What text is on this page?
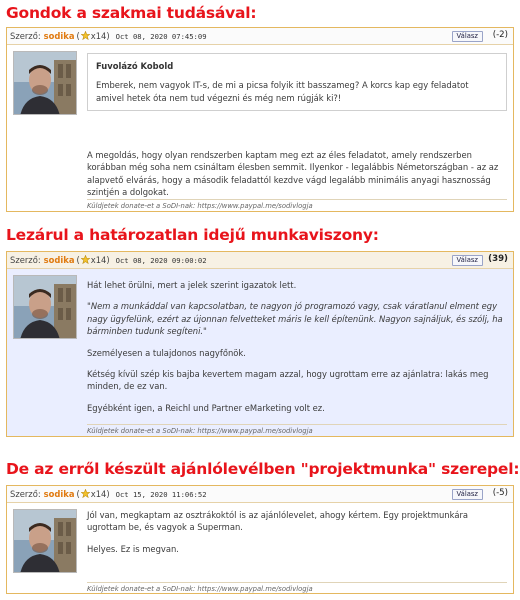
Gondok a szakmai tudásával:
Szerző: sodika ( x14) Oct 08, 2020 07:45:09	Válasz	(-2)
Fuvolázó Kobold
Emberek, nem vagyok IT-s, de mi a picsa folyik itt basszameg? A korcs kap egy feladatot amivel hetek óta nem tud végezni és még nem rúgják ki?!

A megoldás, hogy olyan rendszerben kaptam meg ezt az éles feladatot, amely rendszerben korábban még soha nem csináltam élesben semmit. Ilyenkor - legalábbis Németországban - az az alapvető elvárás, hogy a második feladattól kezdve vágd legalább minimális anyagi hasznosság szintjén a dolgokat.

Küldjetek donate-et a SoDI-nak: https://www.paypal.me/sodivlogja
Lezárul a határozatlan idejű munkaviszony:
Szerző: sodika ( x14) Oct 08, 2020 09:00:02	Válasz	(39)

Hát lehet örülni, mert a jelek szerint igazatok lett.

"Nem a munkáddal van kapcsolatban, te nagyon jó programozó vagy, csak váratlanul elment egy nagy ügyfelünk, ezért az újonnan felvetteket máris le kell építenünk. Nagyon sajnáljuk, és szólj, ha bárminben tudunk segíteni."

Személyesen a tulajdonos nagyfőnök.

Kétség kívül szép kis bajba kevertem magam azzal, hogy ugrottam erre az ajánlatra: lakás meg minden, de ez van.

Egyébként igen, a Reichl und Partner eMarketing volt ez.

Küldjetek donate-et a SoDI-nak: https://www.paypal.me/sodivlogja
De az erről készült ajánlólevélben "projektmunka" szerepel:
Szerző: sodika ( x14) Oct 15, 2020 11:06:52	Válasz	(-5)

Jól van, megkaptam az osztrákoktól is az ajánlólevelet, ahogy kértem. Egy projektmunkára ugrottam be, és vagyok a Superman.

Helyes. Ez is megvan.

Küldjetek donate-et a SoDI-nak: https://www.paypal.me/sodivlogja
